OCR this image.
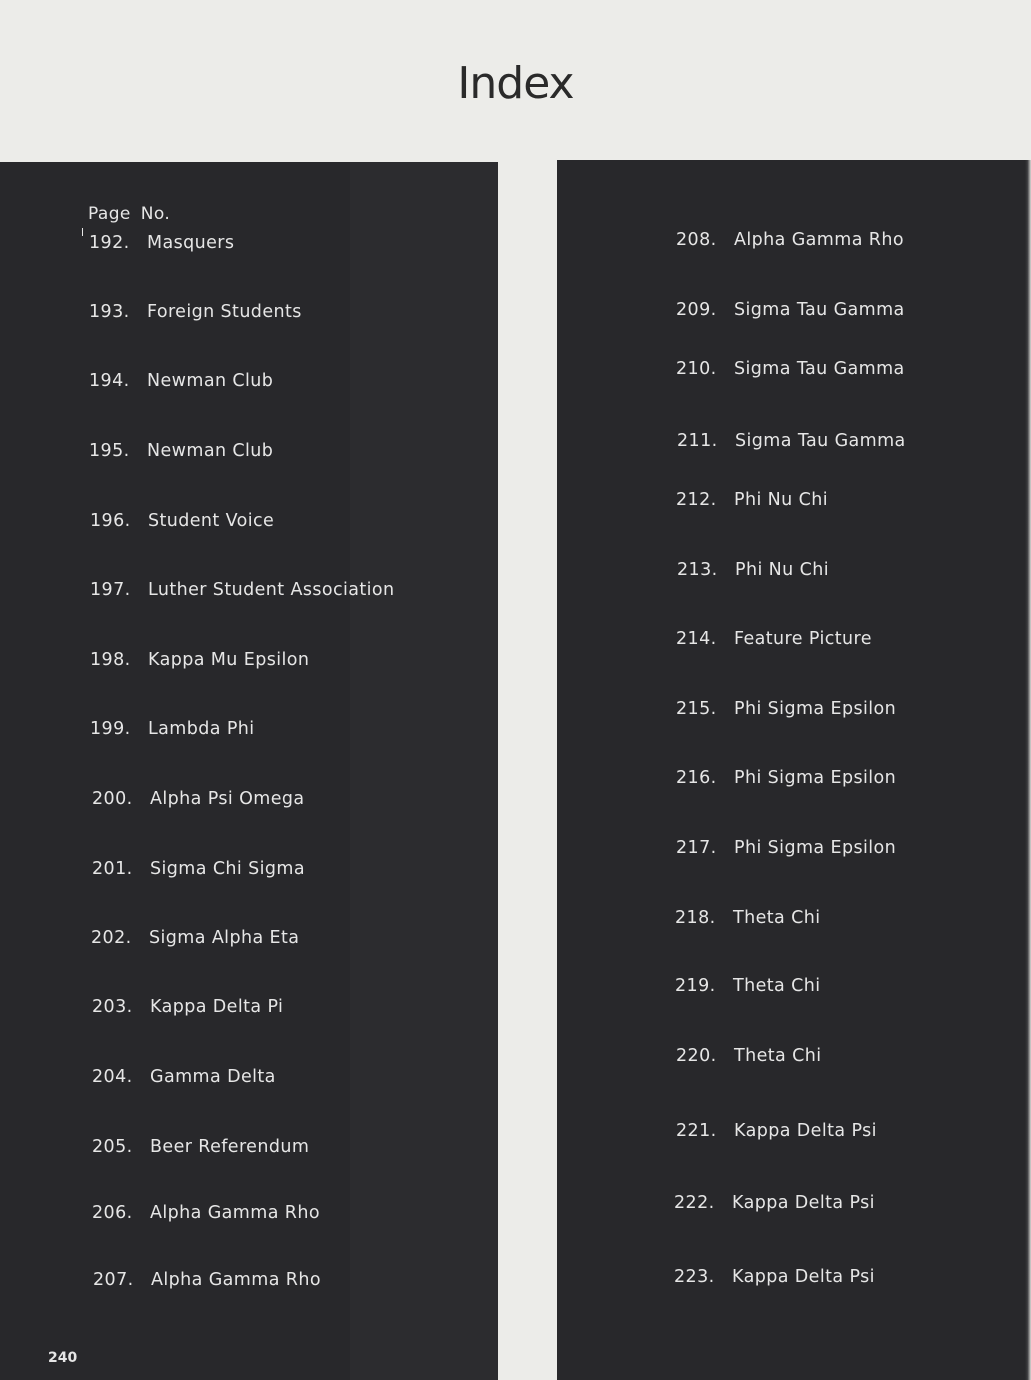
Index
Page No.
192. Masquers
193. Foreign Students
194. Newman Club
195. Newman Club
196. Student Voice
197. Luther Student Association
198. Kappa Mu Epsilon
199. Lambda Phi
200. Alpha Psi Omega
201. Sigma Chi Sigma
202. Sigma Alpha Eta
203. Kappa Delta Pi
204. Gamma Delta
205. Beer Referendum
206. Alpha Gamma Rho
207. Alpha Gamma Rho
208. Alpha Gamma Rho
209. Sigma Tau Gamma
210. Sigma Tau Gamma
211. Sigma Tau Gamma
212. Phi Nu Chi
213. Phi Nu Chi
214. Feature Picture
215. Phi Sigma Epsilon
216. Phi Sigma Epsilon
217. Phi Sigma Epsilon
218. Theta Chi
219. Theta Chi
220. Theta Chi
221. Kappa Delta Psi
222. Kappa Delta Psi
223. Kappa Delta Psi
240
